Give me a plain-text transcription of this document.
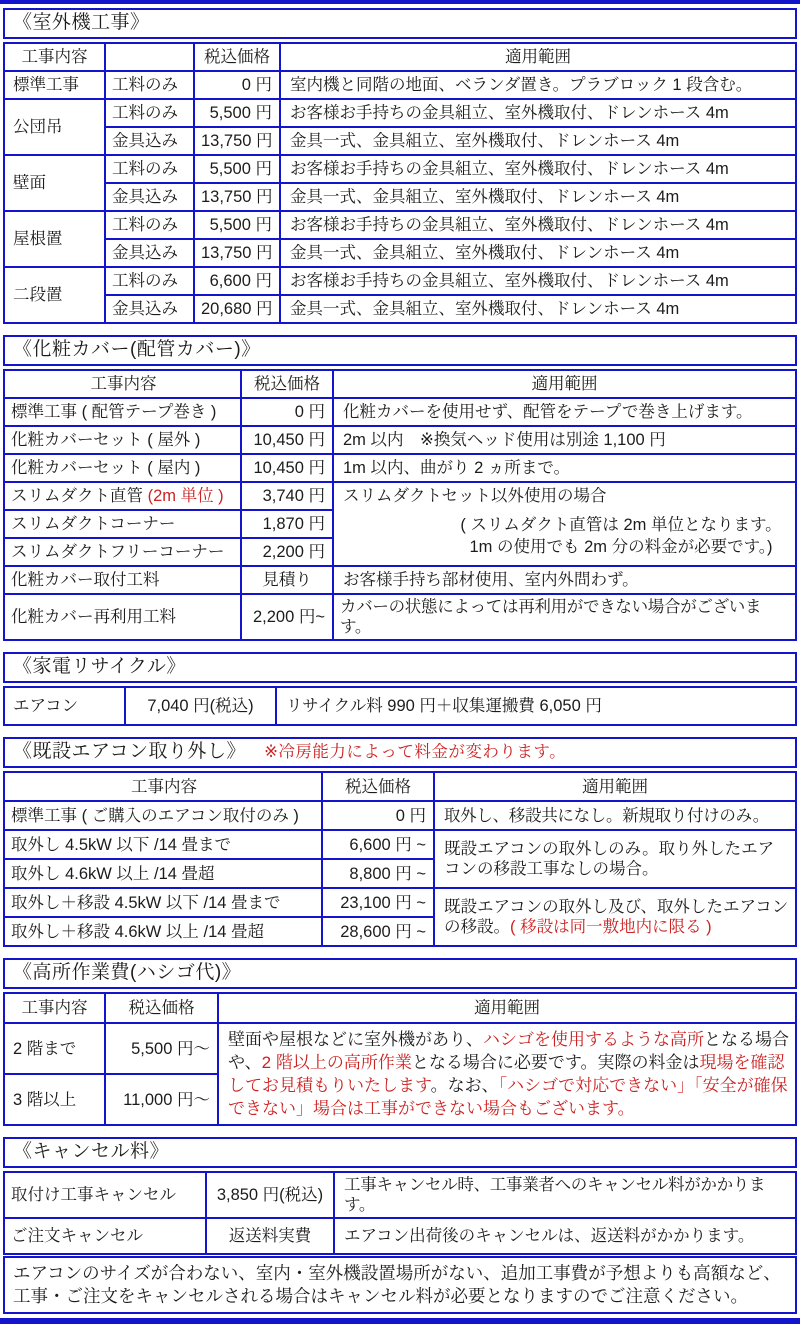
《室外機工事》
工事内容		税込価格	適用範囲
標準工事	工料のみ	0 円	室内機と同階の地面、ベランダ置き。プラブロック 1 段含む。
公団吊	工料のみ	5,500 円	お客様お手持ちの金具組立、室外機取付、ドレンホース 4m
	金具込み	13,750 円	金具一式、金具組立、室外機取付、ドレンホース 4m
壁面	工料のみ	5,500 円	お客様お手持ちの金具組立、室外機取付、ドレンホース 4m
	金具込み	13,750 円	金具一式、金具組立、室外機取付、ドレンホース 4m
屋根置	工料のみ	5,500 円	お客様お手持ちの金具組立、室外機取付、ドレンホース 4m
	金具込み	13,750 円	金具一式、金具組立、室外機取付、ドレンホース 4m
二段置	工料のみ	6,600 円	お客様お手持ちの金具組立、室外機取付、ドレンホース 4m
	金具込み	20,680 円	金具一式、金具組立、室外機取付、ドレンホース 4m
《化粧カバー(配管カバー)》
工事内容	税込価格	適用範囲
標準工事 ( 配管テープ巻き )	0 円	化粧カバーを使用せず、配管をテープで巻き上げます。
化粧カバーセット ( 屋外 )	10,450 円	2m 以内　※換気ヘッド使用は別途 1,100 円
化粧カバーセット ( 屋内 )	10,450 円	1m 以内、曲がり 2 ヵ所まで。
スリムダクト直管 (2m 単位 )	3,740 円	スリムダクトセット以外使用の場合
( スリムダクト直管は 2m 単位となります。
1m の使用でも 2m 分の料金が必要です。)

スリムダクトコーナー	1,870 円	
スリムダクトフリーコーナー	2,200 円	
化粧カバー取付工料	見積り	お客様手持ち部材使用、室内外問わず。
化粧カバー再利用工料	2,200 円~	カバーの状態によっては再利用ができない場合がございます。
《家電リサイクル》
エアコン	7,040 円(税込)	リサイクル料 990 円＋収集運搬費 6,050 円
《既設エアコン取り外し》 ※冷房能力によって料金が変わります。
工事内容	税込価格	適用範囲
標準工事 ( ご購入のエアコン取付のみ )	0 円	取外し、移設共になし。新規取り付けのみ。
取外し 4.5kW 以下 /14 畳まで	6,600 円 ~	既設エアコンの取外しのみ。取り外したエアコンの移設工事なしの場合。
取外し 4.6kW 以上 /14 畳超	8,800 円 ~	
取外し＋移設 4.5kW 以下 /14 畳まで	23,100 円 ~	既設エアコンの取外し及び、取外したエアコンの移設。( 移設は同一敷地内に限る )
取外し＋移設 4.6kW 以上 /14 畳超	28,600 円 ~	
《高所作業費(ハシゴ代)》
工事内容	税込価格	適用範囲
2 階まで	5,500 円～	壁面や屋根などに室外機があり、ハシゴを使用するような高所となる場合や、2 階以上の高所作業となる場合に必要です。実際の料金は現場を確認してお見積もりいたします。なお、「ハシゴで対応できない」「安全が確保できない」場合は工事ができない場合もございます。
3 階以上	11,000 円～	
《キャンセル料》
取付け工事キャンセル	3,850 円(税込)	工事キャンセル時、工事業者へのキャンセル料がかかります。
ご注文キャンセル	返送料実費	エアコン出荷後のキャンセルは、返送料がかかります。
エアコンのサイズが合わない、室内・室外機設置場所がない、追加工事費が予想よりも高額など、工事・ご注文をキャンセルされる場合はキャンセル料が必要となりますのでご注意ください。
